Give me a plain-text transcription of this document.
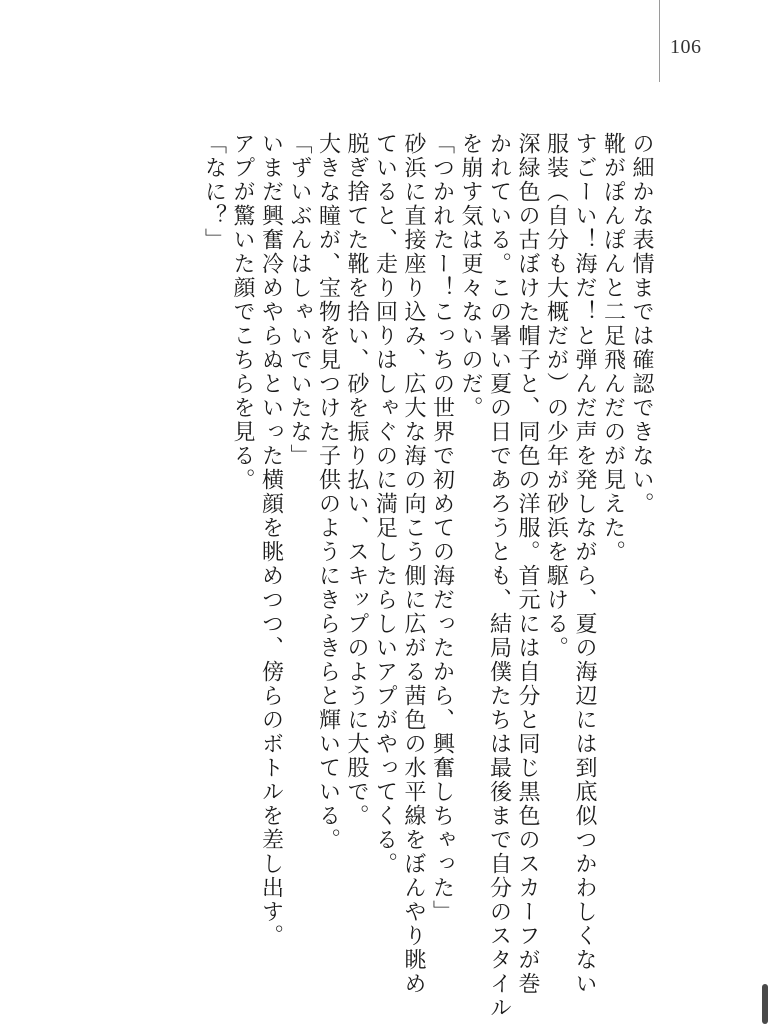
106
の細かな表情までは確認できない。
靴がぽんぽんと二足飛んだのが見えた。
すごーい！海だ！と弾んだ声を発しながら、夏の海辺には到底似つかわしくない
服装（自分も大概だが）の少年が砂浜を駆ける。
深緑色の古ぼけた帽子と、同色の洋服。首元には自分と同じ黒色のスカーフが巻
かれている。この暑い夏の日であろうとも、結局僕たちは最後まで自分のスタイル
を崩す気は更々ないのだ。
「つかれたー！こっちの世界で初めての海だったから、興奮しちゃった」
砂浜に直接座り込み、広大な海の向こう側に広がる茜色の水平線をぼんやり眺め
ていると、走り回りはしゃぐのに満足したらしいアプがやってくる。
脱ぎ捨てた靴を拾い、砂を振り払い、スキップのように大股で。
大きな瞳が、宝物を見つけた子供のようにきらきらと輝いている。
「ずいぶんはしゃいでいたな」
いまだ興奮冷めやらぬといった横顔を眺めつつ、傍らのボトルを差し出す。
アプが驚いた顔でこちらを見る。
「なに？」
